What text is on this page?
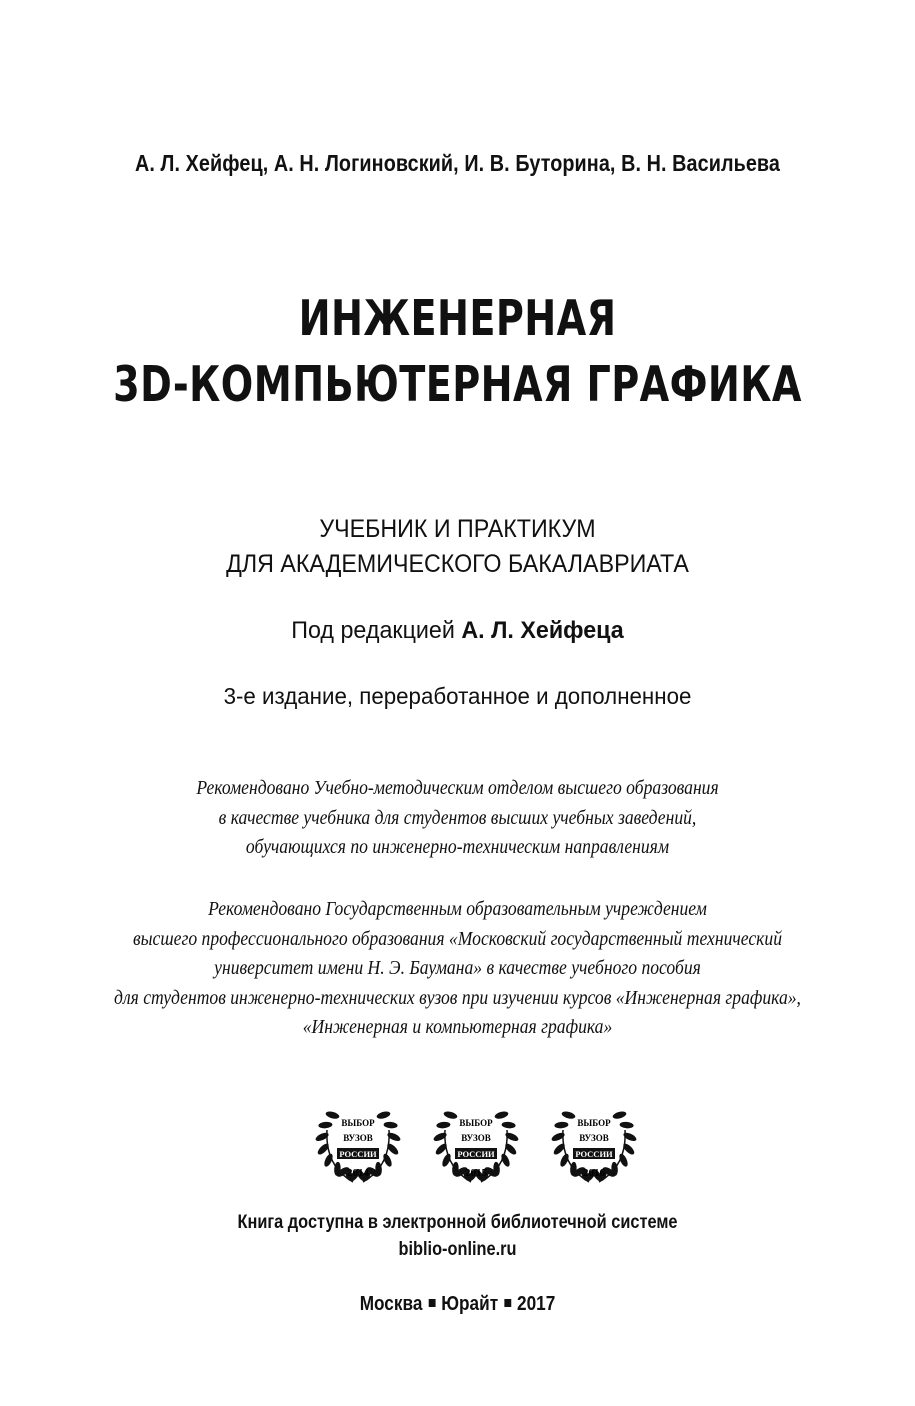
А. Л. Хейфец, А. Н. Логиновский, И. В. Буторина, В. Н. Васильева
ИНЖЕНЕРНАЯ
3D-КОМПЬЮТЕРНАЯ ГРАФИКА
УЧЕБНИК И ПРАКТИКУМ
ДЛЯ АКАДЕМИЧЕСКОГО БАКАЛАВРИАТА
Под редакцией А. Л. Хейфеца
3-е издание, переработанное и дополненное
Рекомендовано Учебно-методическим отделом высшего образования
в качестве учебника для студентов высших учебных заведений,
обучающихся по инженерно-техническим направлениям
Рекомендовано Государственным образовательным учреждением
высшего профессионального образования «Московский государственный технический
университет имени Н. Э. Баумана» в качестве учебного пособия
для студентов инженерно-технических вузов при изучении курсов «Инженерная графика»,
«Инженерная и компьютерная графика»
ВЫБОР
ВУЗОВ
РОССИИ
2014
ВЫБОР
ВУЗОВ
РОССИИ
2015
ВЫБОР
ВУЗОВ
РОССИИ
2016
Книга доступна в электронной библиотечной системе
biblio-online.ru
Москва Юрайт 2017
